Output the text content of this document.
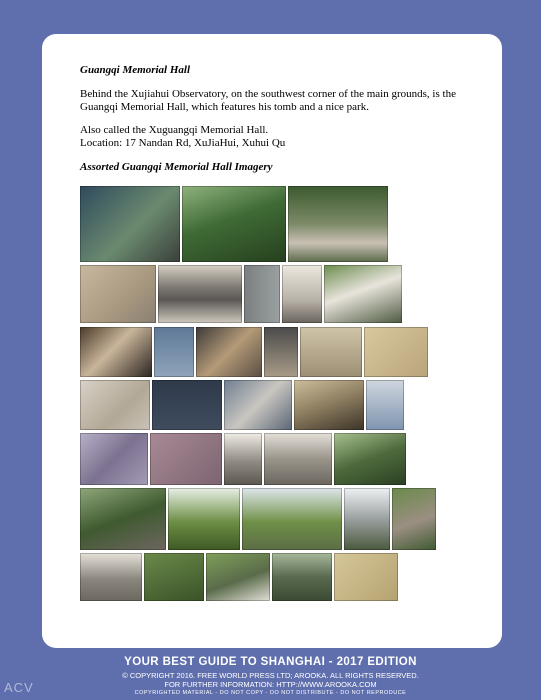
Guangqi Memorial Hall
Behind the Xujiahui Observatory, on the southwest corner of the main grounds, is the Guangqi Memorial Hall, which features his tomb and a nice park.
Also called the Xuguangqi Memorial Hall.
Location: 17 Nandan Rd, XuJiaHui, Xuhui Qu
Assorted Guangqi Memorial Hall Imagery
YOUR BEST GUIDE TO SHANGHAI - 2017 EDITION
© COPYRIGHT 2016. FREE WORLD PRESS LTD; AROOKA. ALL RIGHTS RESERVED.
FOR FURTHER INFORMATION: HTTP://WWW.AROOKA.COM
COPYRIGHTED MATERIAL - DO NOT COPY - DO NOT DISTRIBUTE - DO NOT REPRODUCE
ACV
